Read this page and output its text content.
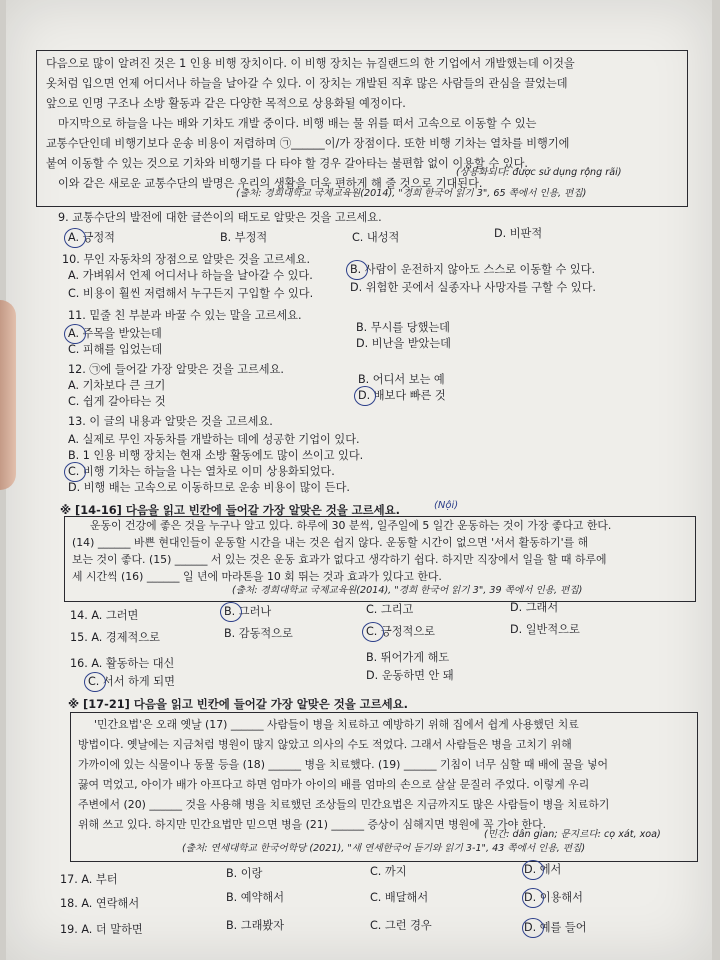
다음으로 많이 알려진 것은 1 인용 비행 장치이다. 이 비행 장치는 뉴질랜드의 한 기업에서 개발했는데 이것을
옷처럼 입으면 언제 어디서나 하늘을 날아갈 수 있다. 이 장치는 개발된 직후 많은 사람들의 관심을 끌었는데
앞으로 인명 구조나 소방 활동과 같은 다양한 목적으로 상용화될 예정이다.
마지막으로 하늘을 나는 배와 기차도 개발 중이다. 비행 배는 물 위를 떠서 고속으로 이동할 수 있는
교통수단인데 비행기보다 운송 비용이 저렴하며 ㉠______이/가 장점이다. 또한 비행 기차는 열차를 비행기에
붙여 이동할 수 있는 것으로 기차와 비행기를 다 타야 할 경우 갈아타는 불편함 없이 이용할 수 있다.
이와 같은 새로운 교통수단의 발명은 우리의 생활을 더욱 편하게 해 줄 것으로 기대된다.
(상용화되다: được sử dụng rộng rãi)
(출처: 경희대학교 국제교육원(2014), "경희 한국어 읽기 3", 65 쪽에서 인용, 편집)
9. 교통수단의 발전에 대한 글쓴이의 태도로 알맞은 것을 고르세요.
A. 긍정적	B. 부정적	C. 내성적	D. 비판적
10. 무인 자동차의 장점으로 알맞은 것을 고르세요.
A. 가벼워서 언제 어디서나 하늘을 날아갈 수 있다.	B. 사람이 운전하지 않아도 스스로 이동할 수 있다.
C. 비용이 훨씬 저렴해서 누구든지 구입할 수 있다.	D. 위험한 곳에서 실종자나 사망자를 구할 수 있다.
11. 밑줄 친 부분과 바꿀 수 있는 말을 고르세요.
A. 주목을 받았는데	B. 무시를 당했는데
C. 피해를 입었는데	D. 비난을 받았는데
12. ㉠에 들어갈 가장 알맞은 것을 고르세요.
A. 기차보다 큰 크기	B. 어디서 보는 예
C. 쉽게 갈아타는 것	D. 배보다 빠른 것
13. 이 글의 내용과 알맞은 것을 고르세요.
A. 실제로 무인 자동차를 개발하는 데에 성공한 기업이 있다.
B. 1 인용 비행 장치는 현재 소방 활동에도 많이 쓰이고 있다.
C. 비행 기차는 하늘을 나는 열차로 이미 상용화되었다.
D. 비행 배는 고속으로 이동하므로 운송 비용이 많이 든다.
※ [14-16] 다음을 읽고 빈칸에 들어갈 가장 알맞은 것을 고르세요.	(Nội)
운동이 건강에 좋은 것을 누구나 알고 있다. 하루에 30 분씩, 일주일에 5 일간 운동하는 것이 가장 좋다고 한다.
(14) ______ 바쁜 현대인들이 운동할 시간을 내는 것은 쉽지 않다. 운동할 시간이 없으면 '서서 활동하기'를 해
보는 것이 좋다. (15) ______ 서 있는 것은 운동 효과가 없다고 생각하기 쉽다. 하지만 직장에서 일을 할 때 하루에
세 시간씩 (16) ______ 일 년에 마라톤을 10 회 뛰는 것과 효과가 있다고 한다.
(출처: 경희대학교 국제교육원(2014), "경희 한국어 읽기 3", 39 쪽에서 인용, 편집)
14. A. 그러면	B. 그러나	C. 그리고	D. 그래서
15. A. 경제적으로	B. 감동적으로	C. 긍정적으로	D. 일반적으로
16. A. 활동하는 대신	B. 뛰어가게 해도
C. 서서 하게 되면	D. 운동하면 안 돼
※ [17-21] 다음을 읽고 빈칸에 들어갈 가장 알맞은 것을 고르세요.
'민간요법'은 오래 옛날 (17) ______ 사람들이 병을 치료하고 예방하기 위해 집에서 쉽게 사용했던 치료
방법이다. 옛날에는 지금처럼 병원이 많지 않았고 의사의 수도 적었다. 그래서 사람들은 병을 고치기 위해
가까이에 있는 식물이나 동물 등을 (18) ______ 병을 치료했다. (19) ______ 기침이 너무 심할 때 배에 꿀을 넣어
끓여 먹었고, 아이가 배가 아프다고 하면 엄마가 아이의 배를 엄마의 손으로 살살 문질러 주었다. 이렇게 우리
주변에서 (20) ______ 것을 사용해 병을 치료했던 조상들의 민간요법은 지금까지도 많은 사람들이 병을 치료하기
위해 쓰고 있다. 하지만 민간요법만 믿으면 병을 (21) ______ 증상이 심해지면 병원에 꼭 가야 한다.
(민간: dân gian; 문지르다: cọ xát, xoa)
(출처: 연세대학교 한국어학당 (2021), "새 연세한국어 듣기와 읽기 3-1", 43 쪽에서 인용, 편집)
17. A. 부터	B. 이랑	C. 까지	D. 에서
18. A. 연락해서	B. 예약해서	C. 배달해서	D. 이용해서
19. A. 더 말하면	B. 그래봤자	C. 그런 경우	D. 예를 들어
